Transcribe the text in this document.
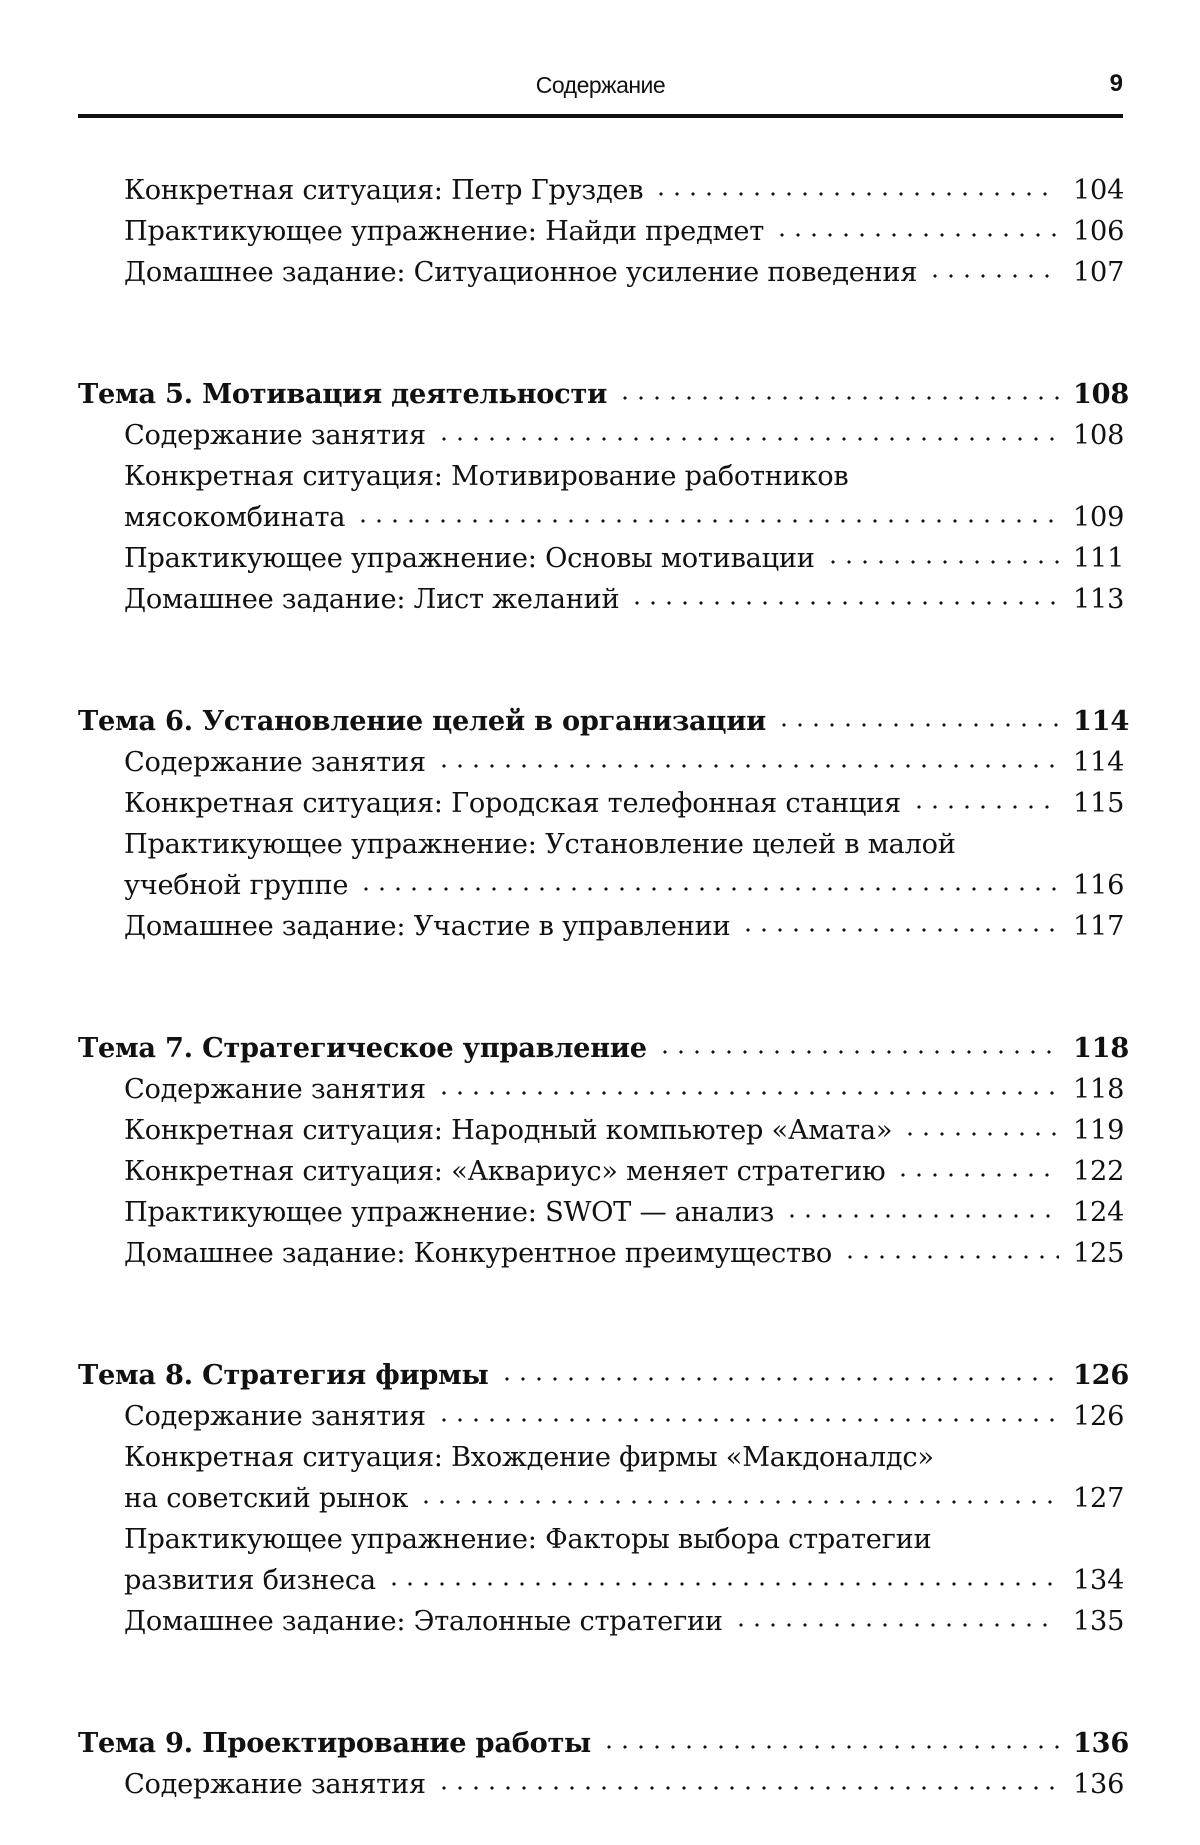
Содержание	9
Конкретная ситуация: Петр Груздев	104
Практикующее упражнение: Найди предмет	106
Домашнее задание: Ситуационное усиление поведения	107
Тема 5. Мотивация деятельности	108
Содержание занятия	108
Конкретная ситуация: Мотивирование работников
мясокомбината	109
Практикующее упражнение: Основы мотивации	111
Домашнее задание: Лист желаний	113
Тема 6. Установление целей в организации	114
Содержание занятия	114
Конкретная ситуация: Городская телефонная станция	115
Практикующее упражнение: Установление целей в малой
учебной группе	116
Домашнее задание: Участие в управлении	117
Тема 7. Стратегическое управление	118
Содержание занятия	118
Конкретная ситуация: Народный компьютер «Амата»	119
Конкретная ситуация: «Аквариус» меняет стратегию	122
Практикующее упражнение: SWOT — анализ	124
Домашнее задание: Конкурентное преимущество	125
Тема 8. Стратегия фирмы	126
Содержание занятия	126
Конкретная ситуация: Вхождение фирмы «Макдоналдс»
на советский рынок	127
Практикующее упражнение: Факторы выбора стратегии
развития бизнеса	134
Домашнее задание: Эталонные стратегии	135
Тема 9. Проектирование работы	136
Содержание занятия	136
